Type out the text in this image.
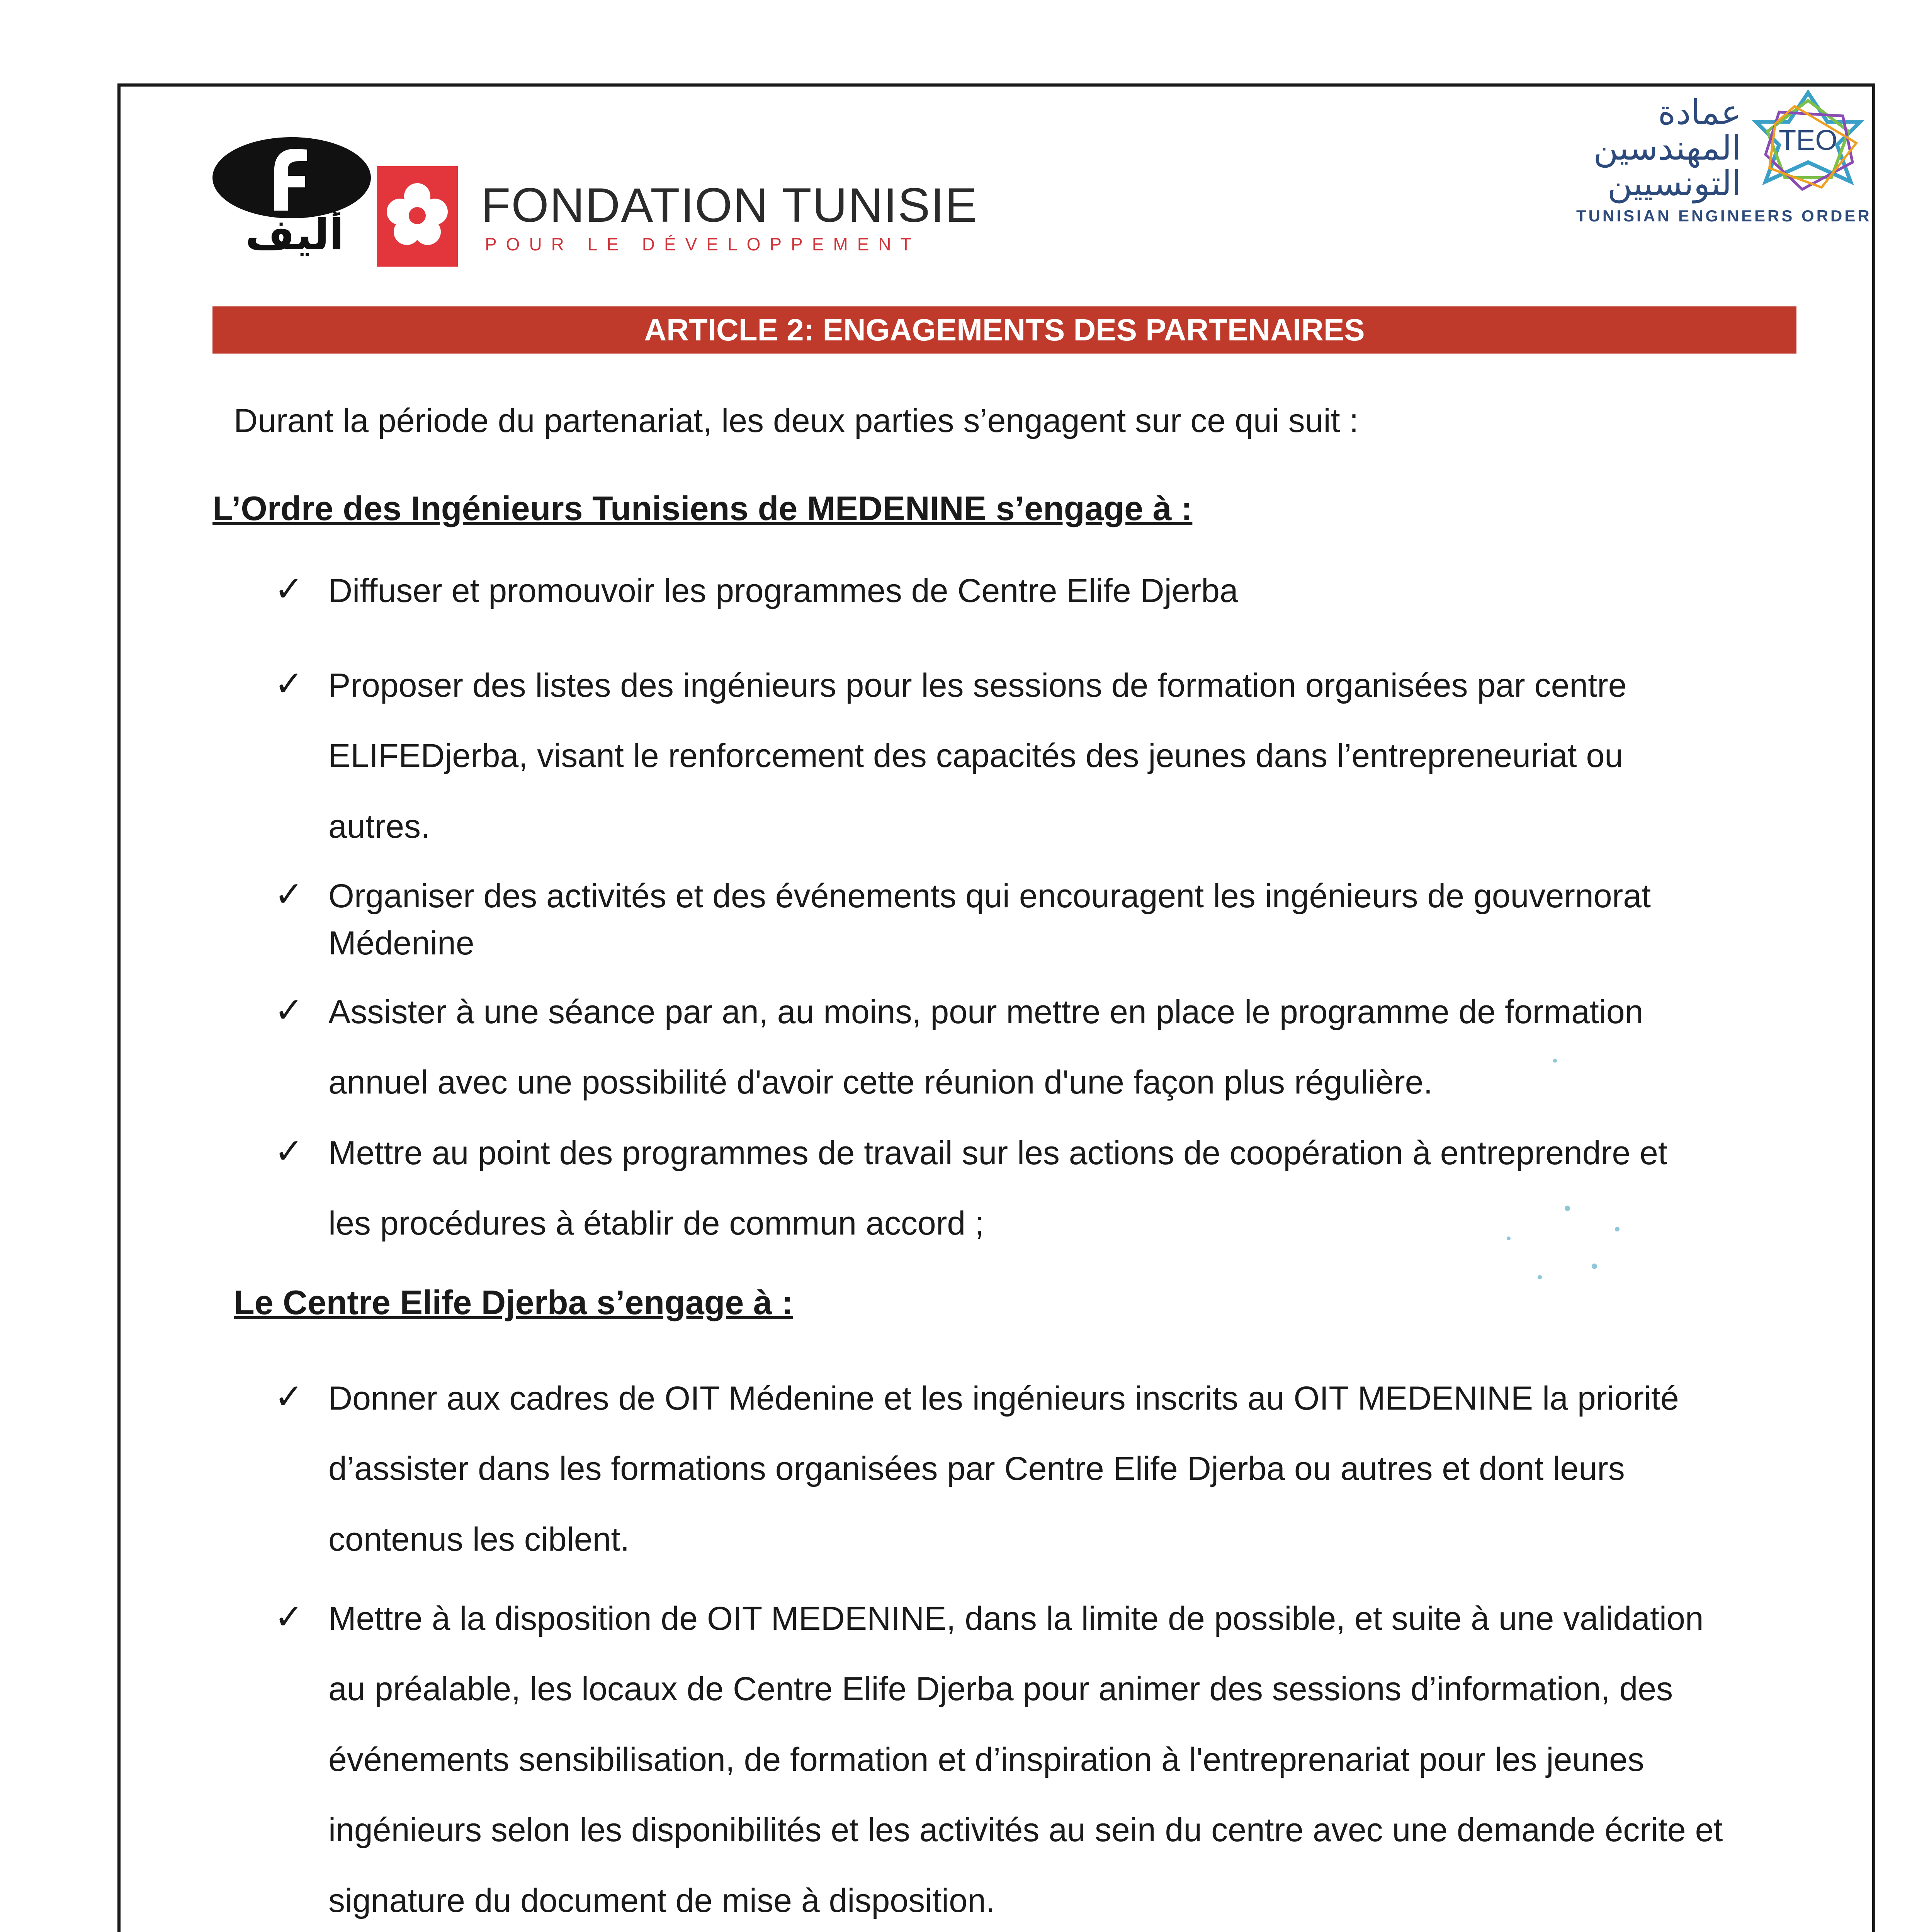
أليف
FONDATION TUNISIE
POUR LE DÉVELOPPEMENT
عمادة
المهندسين
التونسيين
TEO
TUNISIAN ENGINEERS ORDER
ARTICLE 2: ENGAGEMENTS DES PARTENAIRES
Durant la période du partenariat, les deux parties s’engagent sur ce qui suit :
L’Ordre des Ingénieurs Tunisiens de MEDENINE s’engage à :
✓ Diffuser et promouvoir les programmes de Centre Elife Djerba
✓ Proposer des listes des ingénieurs pour les sessions de formation organisées par centre
ELIFEDjerba, visant le renforcement des capacités des jeunes dans l’entrepreneuriat ou
autres.
✓ Organiser des activités et des événements qui encouragent les ingénieurs de gouvernorat
Médenine
✓ Assister à une séance par an, au moins, pour mettre en place le programme de formation
annuel avec une possibilité d'avoir cette réunion d'une façon plus régulière.
✓ Mettre au point des programmes de travail sur les actions de coopération à entreprendre et
les procédures à établir de commun accord ;
Le Centre Elife Djerba s’engage à :
✓ Donner aux cadres de OIT Médenine et les ingénieurs inscrits au OIT MEDENINE la priorité
d’assister dans les formations organisées par Centre Elife Djerba ou autres et dont leurs
contenus les ciblent.
✓ Mettre à la disposition de OIT MEDENINE, dans la limite de possible, et suite à une validation
au préalable, les locaux de Centre Elife Djerba pour animer des sessions d’information, des
événements sensibilisation, de formation et d’inspiration à l'entreprenariat pour les jeunes
ingénieurs selon les disponibilités et les activités au sein du centre avec une demande écrite et
signature du document de mise à disposition.
